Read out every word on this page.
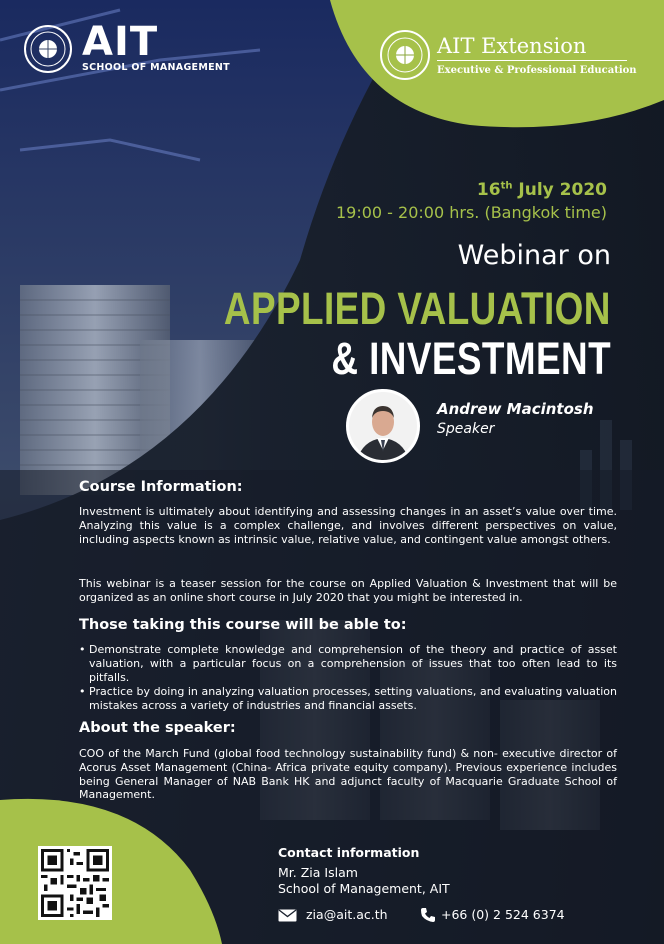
AIT
SCHOOL OF MANAGEMENT
AIT Extension
Executive & Professional Education
16th July 2020
19:00 - 20:00 hrs. (Bangkok time)
Webinar on
APPLIED VALUATION
& INVESTMENT
Andrew Macintosh
Speaker
Course Information:
Investment is ultimately about identifying and assessing changes in an asset’s value over time. Analyzing this value is a complex challenge, and involves different perspectives on value, including aspects known as intrinsic value, relative value, and contingent value amongst others.
This webinar is a teaser session for the course on Applied Valuation & Investment that will be organized as an online short course in July 2020 that you might be interested in.
Those taking this course will be able to:
• Demonstrate complete knowledge and comprehension of the theory and practice of asset valuation, with a particular focus on a comprehension of issues that too often lead to its pitfalls.
• Practice by doing in analyzing valuation processes, setting valuations, and evaluating valuation mistakes across a variety of industries and financial assets.
About the speaker:
COO of the March Fund (global food technology sustainability fund) & non- executive director of Acorus Asset Management (China- Africa private equity company). Previous experience includes being General Manager of NAB Bank HK and adjunct faculty of Macquarie Graduate School of Management.
Contact information
Mr. Zia Islam
School of Management, AIT
zia@ait.ac.th	+66 (0) 2 524 6374
